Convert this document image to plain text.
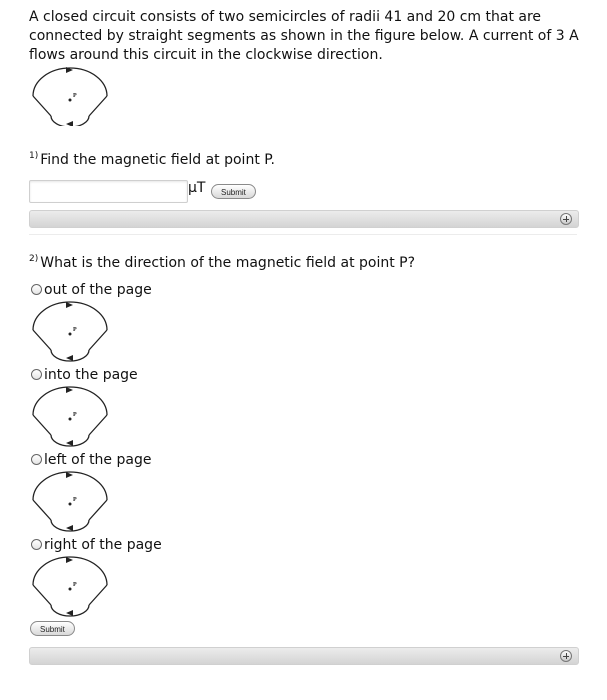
A closed circuit consists of two semicircles of radii 41 and 20 cm that are connected by straight segments as shown in the figure below. A current of 3 A flows around this circuit in the clockwise direction.
P
$^{1)}$ Find the magnetic field at point P.
μT	Submit
$^{2)}$ What is the direction of the magnetic field at point P?
out of the page
P
into the page
P
left of the page
P
right of the page
P
Submit
